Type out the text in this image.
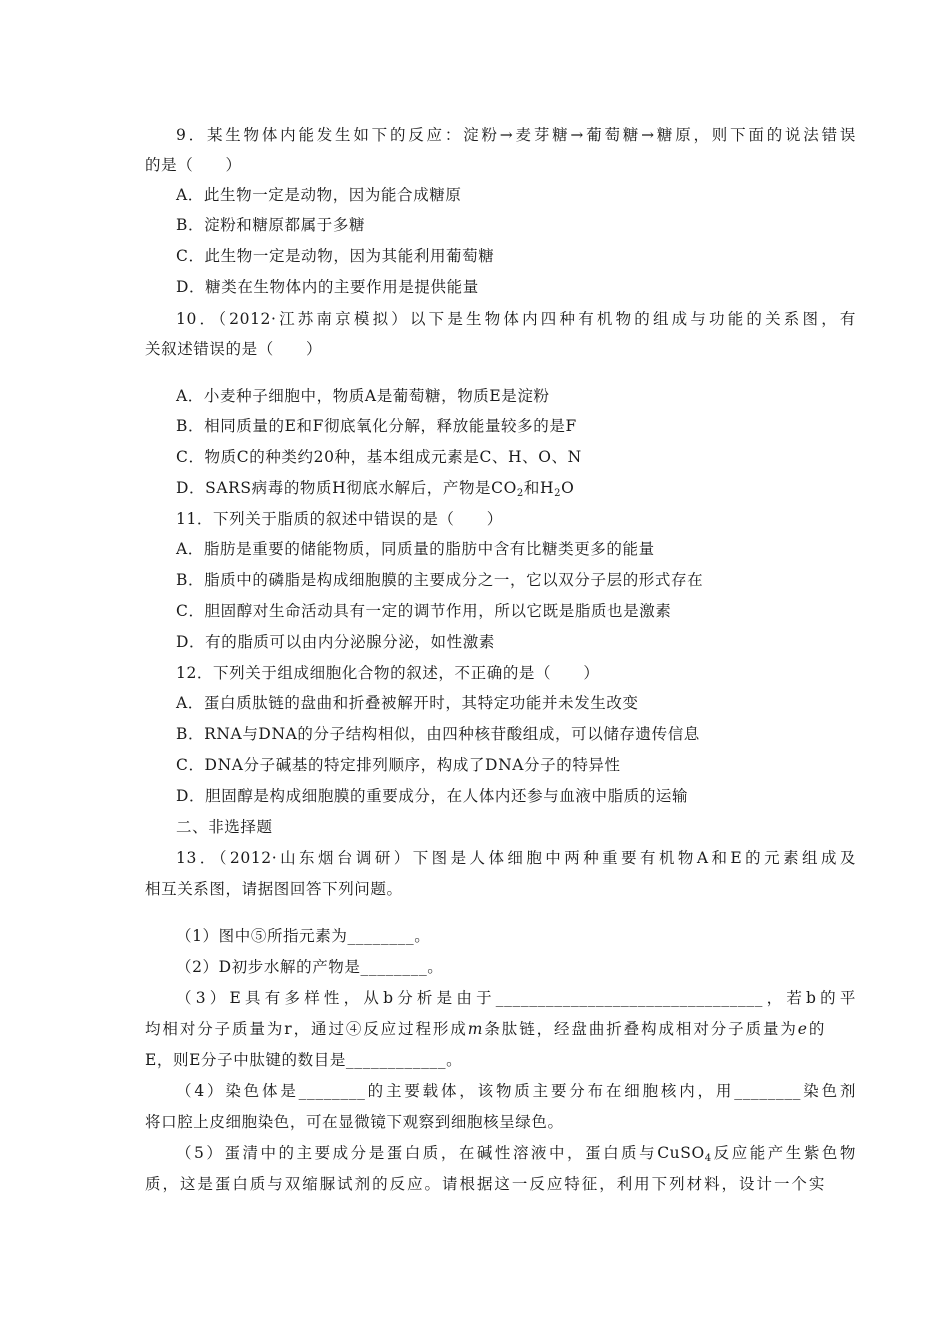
9．某生物体内能发生如下的反应：淀粉→麦芽糖→葡萄糖→糖原，则下面的说法错误
的是（　　）
A．此生物一定是动物，因为能合成糖原
B．淀粉和糖原都属于多糖
C．此生物一定是动物，因为其能利用葡萄糖
D．糖类在生物体内的主要作用是提供能量
10．（2012·江苏南京模拟）以下是生物体内四种有机物的组成与功能的关系图，有
关叙述错误的是（　　）
A．小麦种子细胞中，物质A是葡萄糖，物质E是淀粉
B．相同质量的E和F彻底氧化分解，释放能量较多的是F
C．物质C的种类约20种，基本组成元素是C、H、O、N
D．SARS病毒的物质H彻底水解后，产物是$CO_2$和$H_2O$
11．下列关于脂质的叙述中错误的是（　　）
A．脂肪是重要的储能物质，同质量的脂肪中含有比糖类更多的能量
B．脂质中的磷脂是构成细胞膜的主要成分之一，它以双分子层的形式存在
C．胆固醇对生命活动具有一定的调节作用，所以它既是脂质也是激素
D．有的脂质可以由内分泌腺分泌，如性激素
12．下列关于组成细胞化合物的叙述，不正确的是（　　）
A．蛋白质肽链的盘曲和折叠被解开时，其特定功能并未发生改变
B．RNA与DNA的分子结构相似，由四种核苷酸组成，可以储存遗传信息
C．DNA分子碱基的特定排列顺序，构成了DNA分子的特异性
D．胆固醇是构成细胞膜的重要成分，在人体内还参与血液中脂质的运输
二、非选择题
13．（2012·山东烟台调研）下图是人体细胞中两种重要有机物A和E的元素组成及
相互关系图，请据图回答下列问题。
（1）图中⑤所指元素为________。
（2）D初步水解的产物是________。
（3）E具有多样性，从b分析是由于________________________________，若b的平
均相对分子质量为r，通过④反应过程形成m条肽链，经盘曲折叠构成相对分子质量为e的
E，则E分子中肽键的数目是____________。
（4）染色体是________的主要载体，该物质主要分布在细胞核内，用________染色剂
将口腔上皮细胞染色，可在显微镜下观察到细胞核呈绿色。
（5）蛋清中的主要成分是蛋白质，在碱性溶液中，蛋白质与CuSO$_4$反应能产生紫色物
质，这是蛋白质与双缩脲试剂的反应。请根据这一反应特征，利用下列材料，设计一个实
